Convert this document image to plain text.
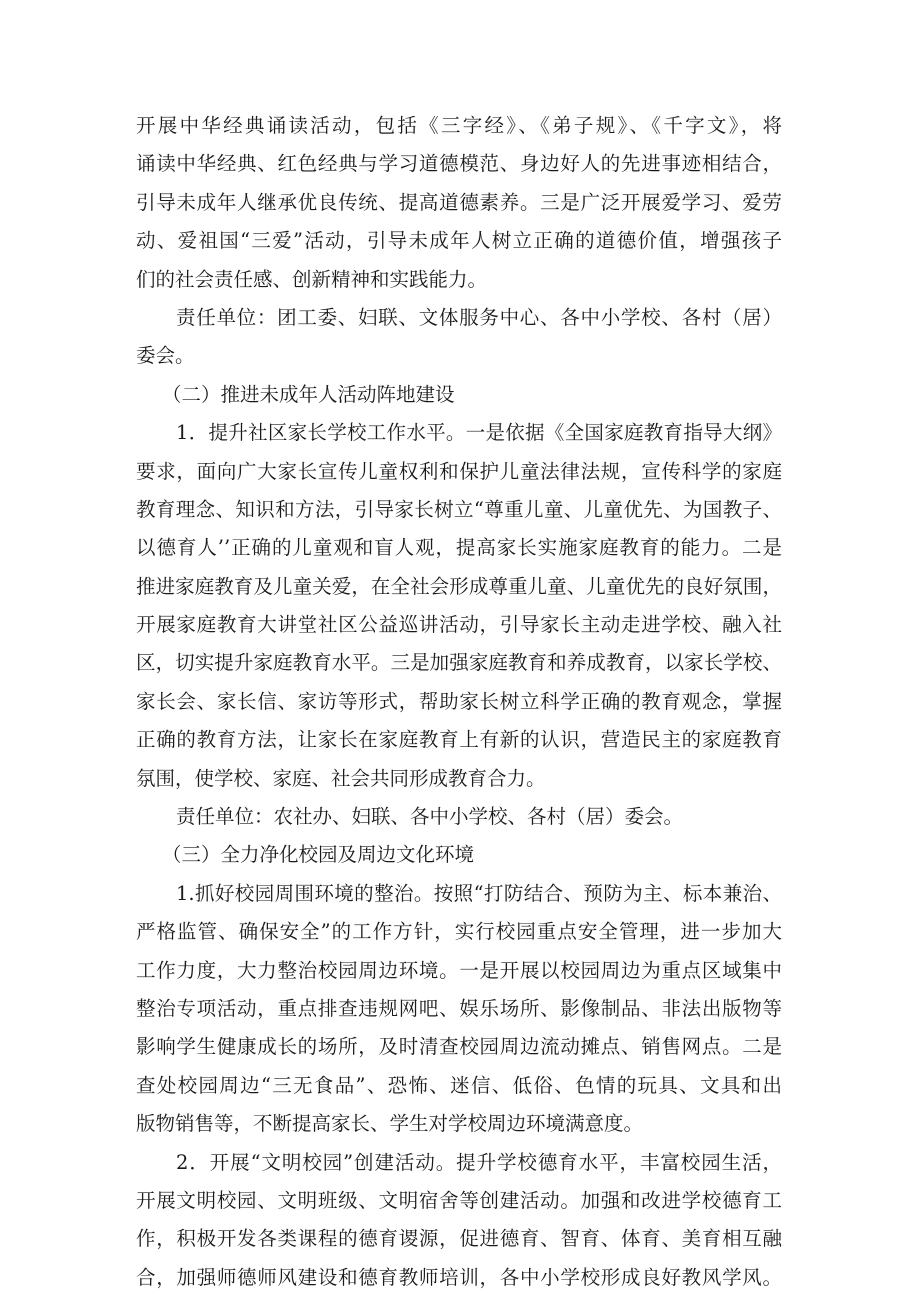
开展中华经典诵读活动，包括《三字经》、《弟子规》、《千字文》，将
诵读中华经典、红色经典与学习道德模范、身边好人的先进事迹相结合，
引导未成年人继承优良传统、提高道德素养。三是广泛开展爱学习、爱劳
动、爱祖国“三爱”活动，引导未成年人树立正确的道德价值，增强孩子
们的社会责任感、创新精神和实践能力。
责任单位：团工委、妇联、文体服务中心、各中小学校、各村（居）
委会。
（二）推进未成年人活动阵地建设
1．提升社区家长学校工作水平。一是依据《全国家庭教育指导大纲》
要求，面向广大家长宣传儿童权利和保护儿童法律法规，宣传科学的家庭
教育理念、知识和方法，引导家长树立“尊重儿童、儿童优先、为国教子、
以德育人’’正确的儿童观和盲人观，提高家长实施家庭教育的能力。二是
推进家庭教育及儿童关爱，在全社会形成尊重儿童、儿童优先的良好氛围，
开展家庭教育大讲堂社区公益巡讲活动，引导家长主动走进学校、融入社
区，切实提升家庭教育水平。三是加强家庭教育和养成教育，以家长学校、
家长会、家长信、家访等形式，帮助家长树立科学正确的教育观念，掌握
正确的教育方法，让家长在家庭教育上有新的认识，营造民主的家庭教育
氛围，使学校、家庭、社会共同形成教育合力。
责任单位：农社办、妇联、各中小学校、各村（居）委会。
（三）全力净化校园及周边文化环境
1.抓好校园周围环境的整治。按照“打防结合、预防为主、标本兼治、
严格监管、确保安全”的工作方针，实行校园重点安全管理，进一步加大
工作力度，大力整治校园周边环境。一是开展以校园周边为重点区域集中
整治专项活动，重点排查违规网吧、娱乐场所、影像制品、非法出版物等
影响学生健康成长的场所，及时清查校园周边流动摊点、销售网点。二是
查处校园周边“三无食品”、恐怖、迷信、低俗、色情的玩具、文具和出
版物销售等，不断提高家长、学生对学校周边环境满意度。
2．开展“文明校园”创建活动。提升学校德育水平，丰富校园生活，
开展文明校园、文明班级、文明宿舍等创建活动。加强和改进学校德育工
作，积极开发各类课程的德育谡源，促进德育、智育、体育、美育相互融
合，加强师德师风建设和德育教师培训，各中小学校形成良好教风学风。
